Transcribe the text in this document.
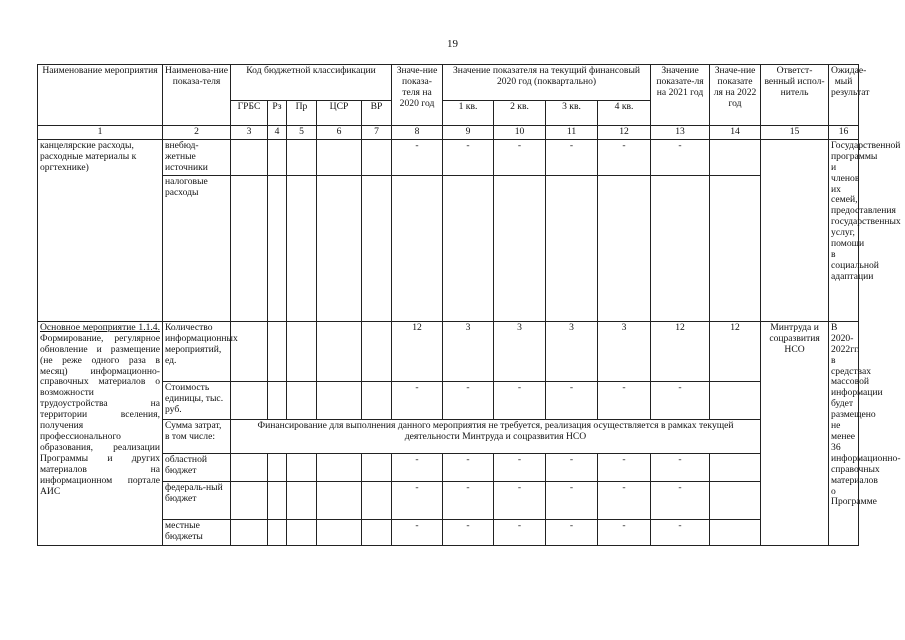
19
Наименование мероприятия	Наименова-ние показа-теля	Код бюджетной классификации					Значе-ние показа-теля на 2020 год	Значение показателя на текущий финансовый 2020 год (поквартально)				Значение показате-ля на 2021 год	Значе-ние показате ля на 2022 год	Ответст-венный испол-нитель	Ожидае-мый результат
		ГРБС	Рз	Пр	ЦСР	ВР		1 кв.	2 кв.	3 кв.	4 кв.				
1	2	3	4	5	6	7	8	9	10	11	12	13	14	15	16
канцелярские расходы, расходные материалы к оргтехнике)	внебюд-жетные источники						-	-	-	-	-	-			Государственной программы и членов их семей, предоставления государственных услуг, помощи в социальной адаптации
	налоговые расходы														
Основное мероприятие 1.1.4. Формирование, регулярное обновление и размещение (не реже одного раза в месяц) информационно-справочных материалов о возможности трудоустройства на территории вселения, получения профессионального образования, реализации Программы и других материалов на информационном портале АИС	Количество информационных мероприятий, ед.						12	3	3	3	3	12	12	Минтруда и соцразвития НСО	В 2020-2022гг. в средствах массовой информации будет размещено не менее 36 информационно-справочных материалов о Программе
	Стоимость единицы, тыс. руб.						-	-	-	-	-	-			
	Сумма затрат, в том числе:	Финансирование для выполнения данного мероприятия не требуется, реализация осуществляется в рамках текущей деятельности Минтруда и соцразвития НСО													
	областной бюджет						-	-	-	-	-	-			
	федераль-ный бюджет						-	-	-	-	-	-			
	местные бюджеты						-	-	-	-	-	-			
